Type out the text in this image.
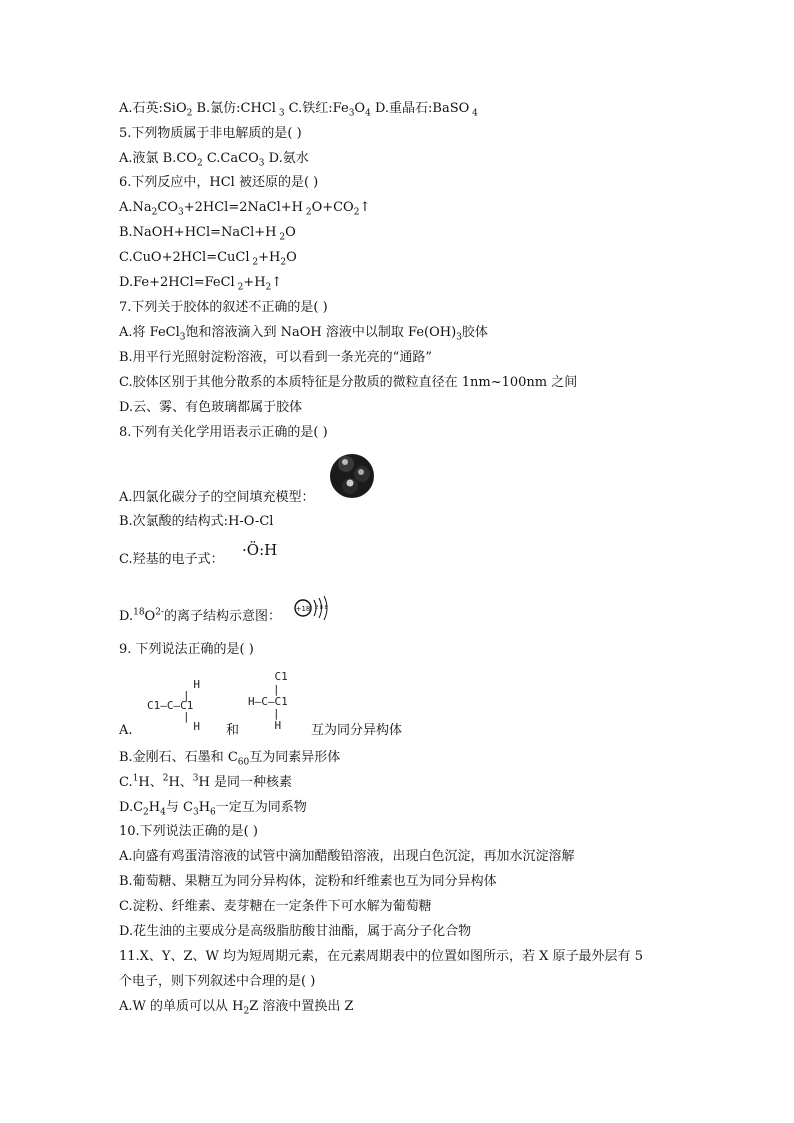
A.石英:SiO$_2$ B.氯仿:CHCl $_3$ C.铁红$:Fe_3O_4$ D.重晶石:BaSO $_4$
5.下列物质属于非电解质的是( )
A.液氯 $B.CO_2$ C.CaCO$_3$ D.氨水
6.下列反应中，HCl 被还原的是( )
$A.Na_2CO_3+2HCl=2NaCl+H$ $_2O+CO_2↑$
B.NaOH+HCl=NaCl+H $_2$O
C.CuO+2HCl=CuCl $_2+H_2O$
D.Fe+2HCl=FeCl $_2+H_2↑$
7.下列关于胶体的叙述不正确的是( )
A.将 FeCl$_3$饱和溶液滴入到 NaOH 溶液中以制取 $Fe(OH)_3$胶体
B.用平行光照射淀粉溶液，可以看到一条光亮的“通路”
C.胶体区别于其他分散系的本质特征是分散质的微粒直径在 1nm~100nm 之间
D.云、雾、有色玻璃都属于胶体
8.下列有关化学用语表示正确的是( )
A.四氯化碳分子的空间填充模型：
B.次氯酸的结构式:H-O-Cl
C.羟基的电子式：
·Ö:H
$D.^{18}O^{2-}$的离子结构示意图： +18 2 8 8
9. 下列说法正确的是( )
H
|
C1—C—C1
|
H
C1
|
H—C—C1
|
H
A.	和	互为同分异构体
B.金刚石、石墨和 $C_{60}$互为同素异形体
C.$^1$H、$^2$H、$^3$H 是同一种核素
$D.C_2H_4$与 $C_3H_6$一定互为同系物
10.下列说法正确的是( )
A.向盛有鸡蛋清溶液的试管中滴加醋酸铅溶液，出现白色沉淀，再加水沉淀溶解
B.葡萄糖、果糖互为同分异构体，淀粉和纤维素也互为同分异构体
C.淀粉、纤维素、麦芽糖在一定条件下可水解为葡萄糖
D.花生油的主要成分是高级脂肪酸甘油酯，属于高分子化合物
11.X、Y、Z、W 均为短周期元素，在元素周期表中的位置如图所示，若 X 原子最外层有 5
个电子，则下列叙述中合理的是( )
A.W 的单质可以从 $H_2Z$ 溶液中置换出 Z
